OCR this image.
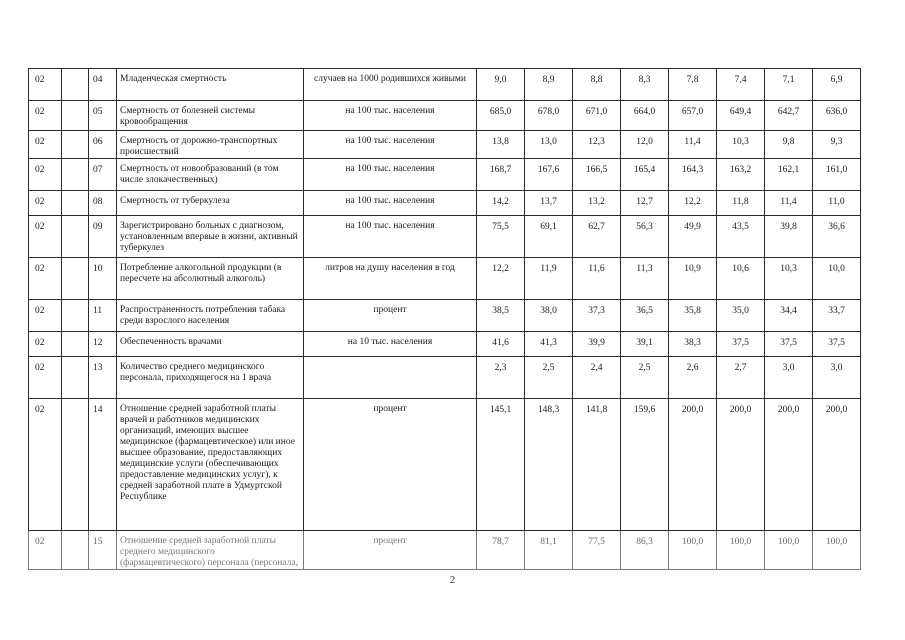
02		04	Младенческая смертность	случаев на 1000 родившихся живыми	9,0	8,9	8,8	8,3	7,8	7,4	7,1	6,9
02		05	Смертность от болезней системы кровообращения	на 100 тыс. населения	685,0	678,0	671,0	664,0	657,0	649,4	642,7	636,0
02		06	Смертность от дорожно-транспортных происшествий	на 100 тыс. населения	13,8	13,0	12,3	12,0	11,4	10,3	9,8	9,3
02		07	Смертность от новообразований (в том числе злокачественных)	на 100 тыс. населения	168,7	167,6	166,5	165,4	164,3	163,2	162,1	161,0
02		08	Смертность от туберкулеза	на 100 тыс. населения	14,2	13,7	13,2	12,7	12,2	11,8	11,4	11,0
02		09	Зарегистрировано больных с диагнозом, установленным впервые в жизни, активный туберкулез	на 100 тыс. населения	75,5	69,1	62,7	56,3	49,9	43,5	39,8	36,6
02		10	Потребление алкогольной продукции (в пересчете на абсолютный алкоголь)	литров на душу населения в год	12,2	11,9	11,6	11,3	10,9	10,6	10,3	10,0
02		11	Распространенность потребления табака среди взрослого населения	процент	38,5	38,0	37,3	36,5	35,8	35,0	34,4	33,7
02		12	Обеспеченность врачами	на 10 тыс. населения	41,6	41,3	39,9	39,1	38,3	37,5	37,5	37,5
02		13	Количество среднего медицинского персонала, приходящегося на 1 врача		2,3	2,5	2,4	2,5	2,6	2,7	3,0	3,0
02		14	Отношение средней заработной платы врачей и работников медицинских организаций, имеющих высшее медицинское (фармацевтическое) или иное высшее образование, предоставляющих медицинские услуги (обеспечивающих предоставление медицинских услуг), к средней заработной плате в Удмуртской Республике	процент	145,1	148,3	141,8	159,6	200,0	200,0	200,0	200,0
02		15	Отношение средней заработной платы среднего медицинского (фармацевтического) персонала (персонала,	процент	78,7	81,1	77,5	86,3	100,0	100,0	100,0	100,0
2
